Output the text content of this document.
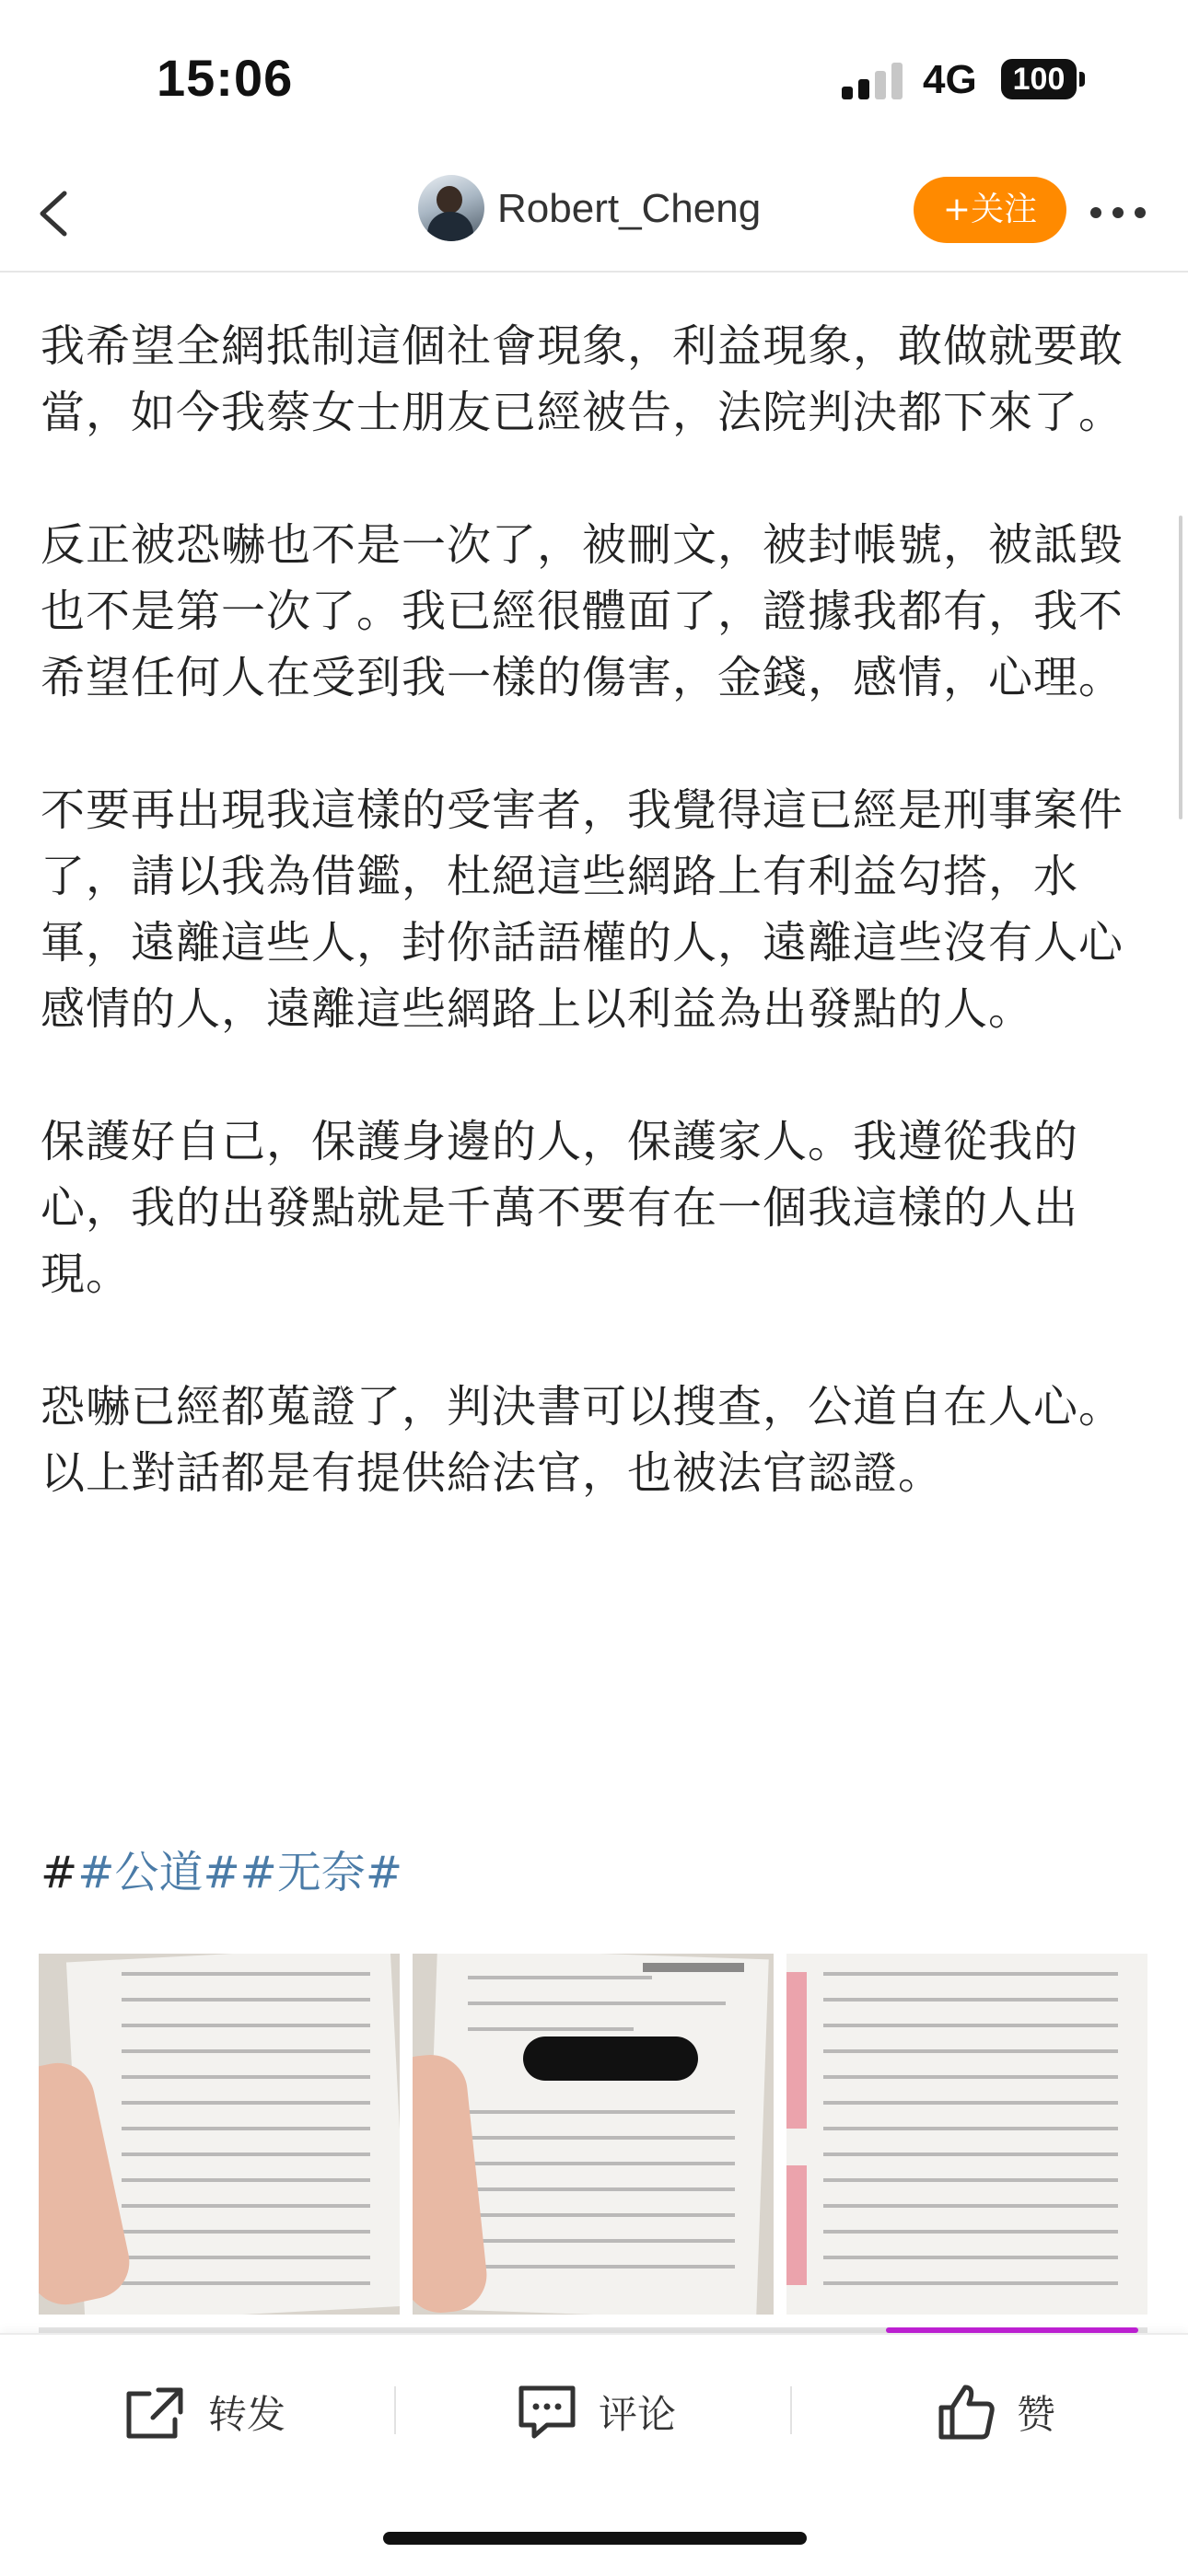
15:06	4G	100
Robert_Cheng	+关注

我希望全網抵制這個社會現象，利益現象，敢做就要敢當，如今我蔡女士朋友已經被告，法院判決都下來了。

反正被恐嚇也不是一次了，被刪文，被封帳號，被詆毀也不是第一次了。我已經很體面了，證據我都有，我不希望任何人在受到我一樣的傷害，金錢，感情，心理。

不要再出現我這樣的受害者，我覺得這已經是刑事案件了，請以我為借鑑，杜絕這些網路上有利益勾搭，水軍，遠離這些人，封你話語權的人，遠離這些沒有人心感情的人，遠離這些網路上以利益為出發點的人。

保護好自己，保護身邊的人，保護家人。我遵從我的心，我的出發點就是千萬不要有在一個我這樣的人出現。

恐嚇已經都蒐證了，判決書可以搜查，公道自在人心。

以上對話都是有提供給法官，也被法官認證。

##公道##无奈#
转发	评论	赞
